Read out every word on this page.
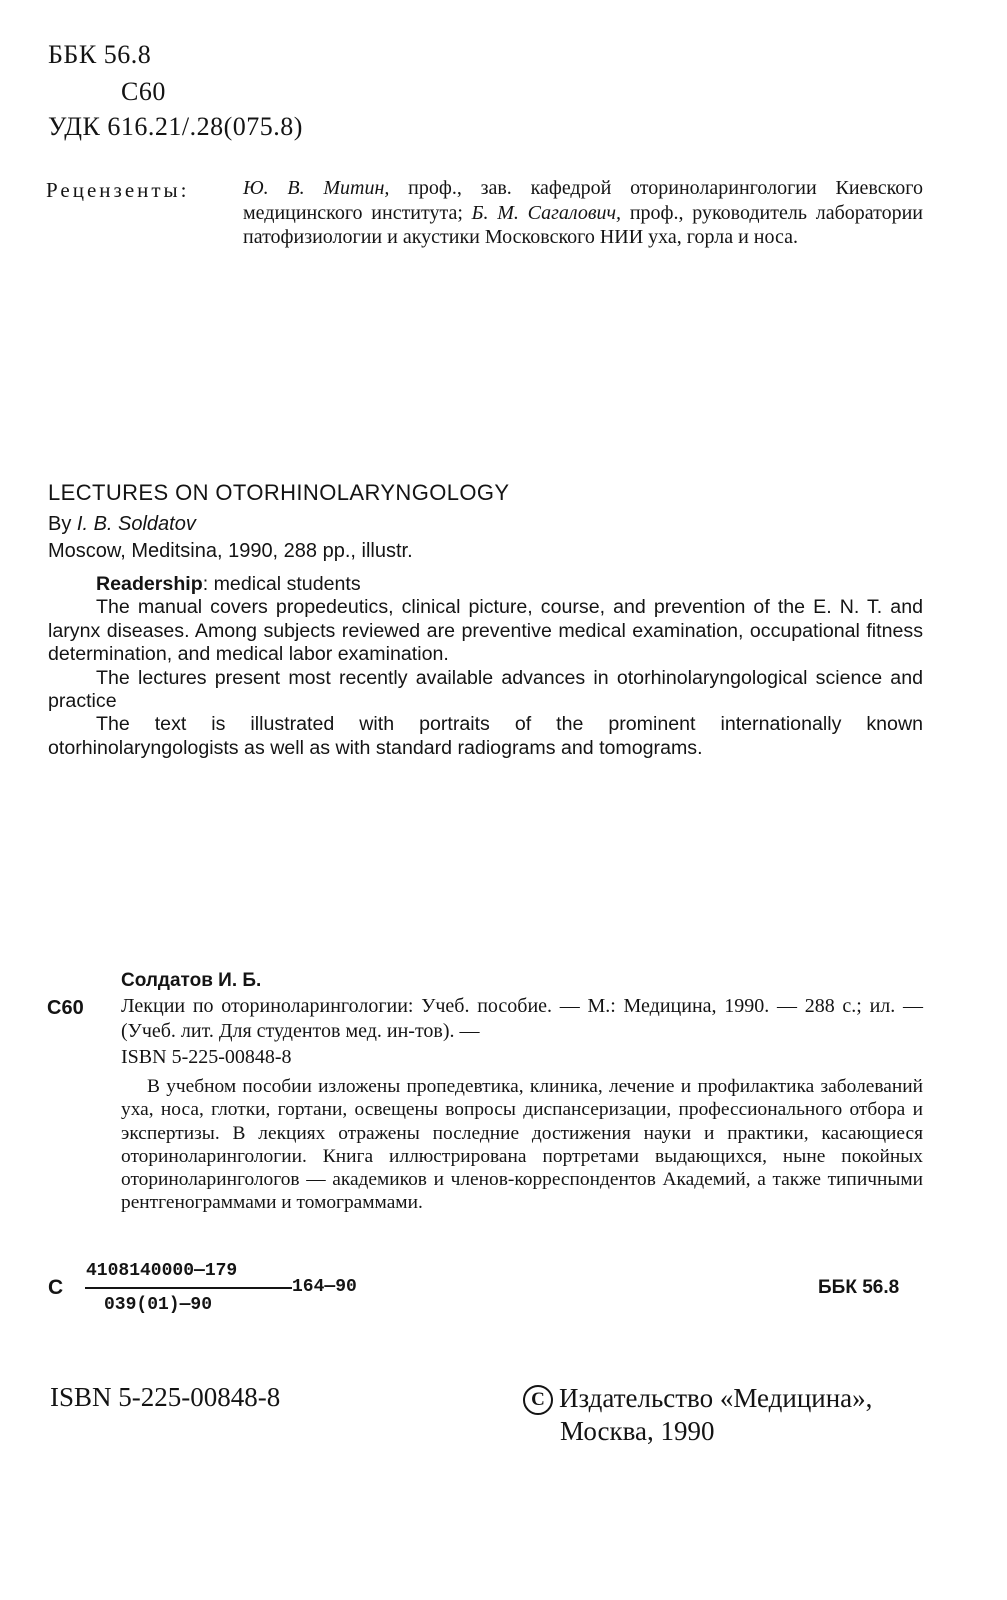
ББК 56.8
С60
УДК 616.21/.28(075.8)
Рецензенты:	Ю. В. Митин, проф., зав. кафедрой оториноларингологии Киевского медицинского института; Б. М. Сагалович, проф., руководитель лаборатории патофизиологии и акустики Московского НИИ уха, горла и носа.
LECTURES ON OTORHINOLARYNGOLOGY
By I. B. Soldatov
Moscow, Meditsina, 1990, 288 pp., illustr.

Readership: medical students

The manual covers propedeutics, clinical picture, course, and prevention of the E. N. T. and larynx diseases. Among subjects reviewed are preventive medical examination, occupational fitness determination, and medical labor examination.

The lectures present most recently available advances in otorhinolaryngological science and practice

The text is illustrated with portraits of the prominent internationally known otorhinolaryngologists as well as with standard radiograms and tomograms.

Солдатов И. Б.
С60 Лекции по оториноларингологии: Учеб. пособие. — М.: Медицина, 1990. — 288 с.; ил. — (Учеб. лит. Для студентов мед. ин-тов). —

ISBN 5-225-00848-8

В учебном пособии изложены пропедевтика, клиника, лечение и профилактика заболеваний уха, носа, глотки, гортани, освещены вопросы диспансеризации, профессионального отбора и экспертизы. В лекциях отражены последние достижения науки и практики, касающиеся оториноларингологии. Книга иллюстрирована портретами выдающихся, ныне покойных оториноларингологов — академиков и членов-корреспондентов Академий, а также типичными рентгенограммами и томограммами.

С
4108140000—179
164—90
039(01)—90
ББК 56.8
ISBN 5-225-00848-8	C Издательство «Медицина»,
Москва, 1990
